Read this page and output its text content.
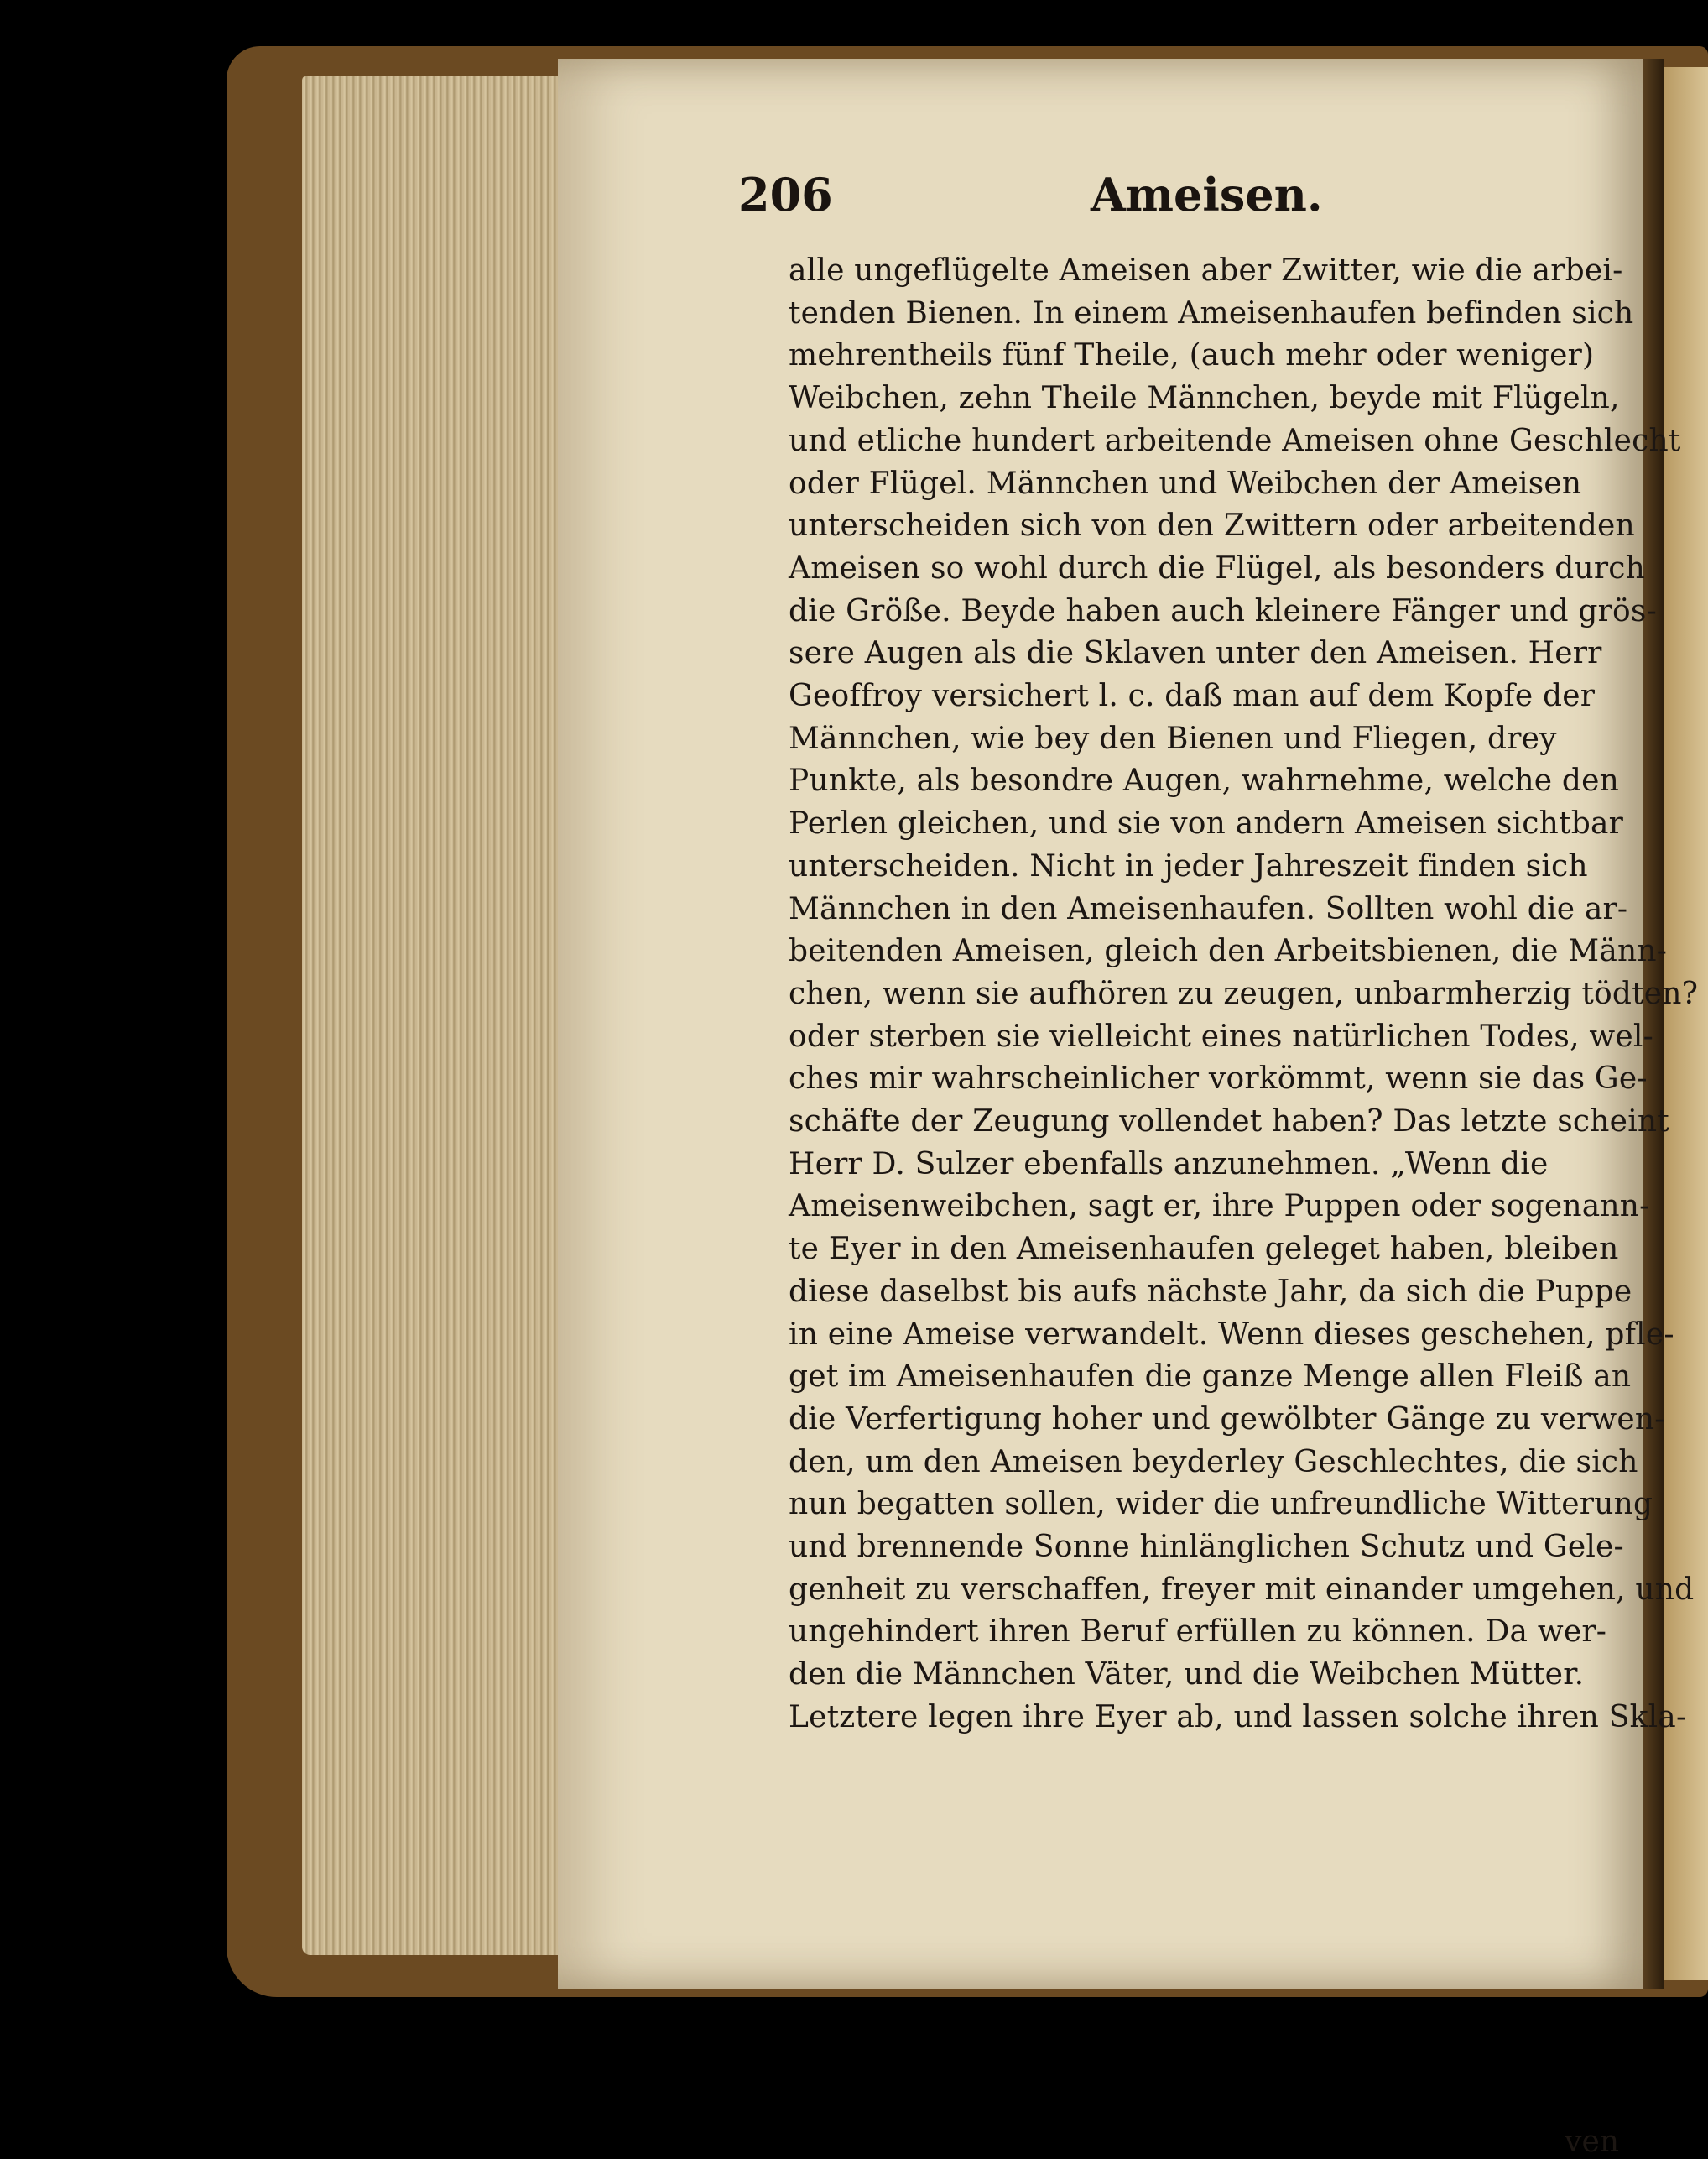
206	Ameisen.
alle ungeflügelte Ameisen aber Zwitter, wie die arbei-
tenden Bienen. In einem Ameisenhaufen befinden sich
mehrentheils fünf Theile, (auch mehr oder weniger)
Weibchen, zehn Theile Männchen, beyde mit Flügeln,
und etliche hundert arbeitende Ameisen ohne Geschlecht
oder Flügel. Männchen und Weibchen der Ameisen
unterscheiden sich von den Zwittern oder arbeitenden
Ameisen so wohl durch die Flügel, als besonders durch
die Größe. Beyde haben auch kleinere Fänger und grös-
sere Augen als die Sklaven unter den Ameisen. Herr
Geoffroy versichert l. c. daß man auf dem Kopfe der
Männchen, wie bey den Bienen und Fliegen, drey
Punkte, als besondre Augen, wahrnehme, welche den
Perlen gleichen, und sie von andern Ameisen sichtbar
unterscheiden. Nicht in jeder Jahreszeit finden sich
Männchen in den Ameisenhaufen. Sollten wohl die ar-
beitenden Ameisen, gleich den Arbeitsbienen, die Männ-
chen, wenn sie aufhören zu zeugen, unbarmherzig tödten?
oder sterben sie vielleicht eines natürlichen Todes, wel-
ches mir wahrscheinlicher vorkömmt, wenn sie das Ge-
schäfte der Zeugung vollendet haben? Das letzte scheint
Herr D. Sulzer ebenfalls anzunehmen. „Wenn die
Ameisenweibchen, sagt er, ihre Puppen oder sogenann-
te Eyer in den Ameisenhaufen geleget haben, bleiben
diese daselbst bis aufs nächste Jahr, da sich die Puppe
in eine Ameise verwandelt. Wenn dieses geschehen, pfle-
get im Ameisenhaufen die ganze Menge allen Fleiß an
die Verfertigung hoher und gewölbter Gänge zu verwen-
den, um den Ameisen beyderley Geschlechtes, die sich
nun begatten sollen, wider die unfreundliche Witterung
und brennende Sonne hinlänglichen Schutz und Gele-
genheit zu verschaffen, freyer mit einander umgehen, und
ungehindert ihren Beruf erfüllen zu können. Da wer-
den die Männchen Väter, und die Weibchen Mütter.
Letztere legen ihre Eyer ab, und lassen solche ihren Skla-
ven
